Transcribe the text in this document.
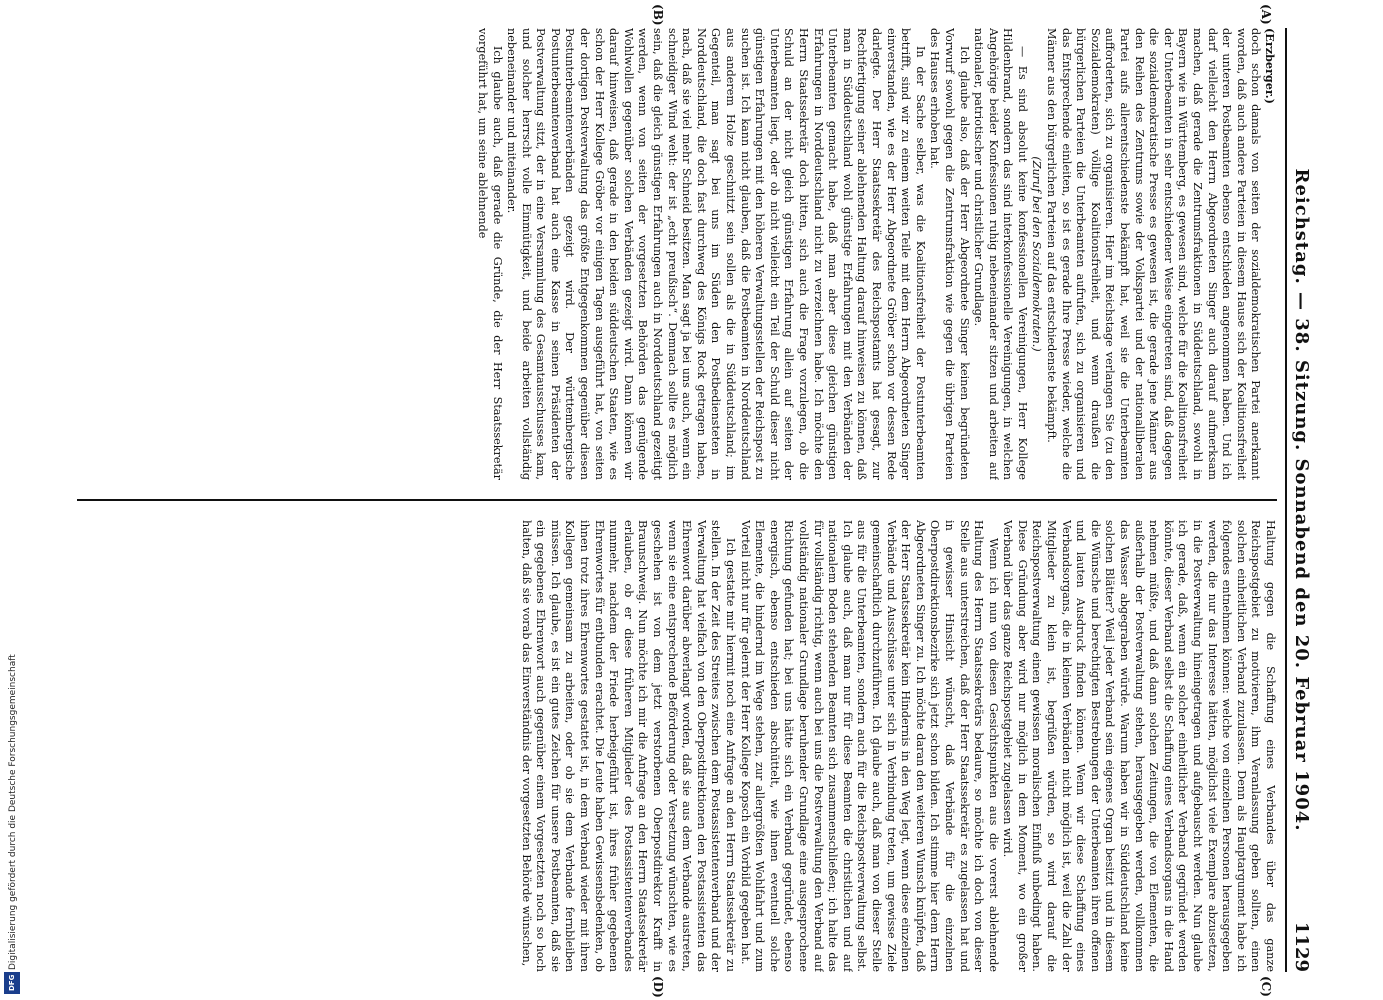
Reichstag. — 38. Sitzung. Sonnabend den 20. Februar 1904.
1129
(A)
(B)
(C)
(D)

(Erzberger.)

doch schon damals von seiten der sozialdemokratischen Partei anerkannt worden, daß auch andere Parteien in diesem Hause sich der Koalitionsfreiheit der unteren Postbeamten ebenso entschieden angenommen haben. Und ich darf vielleicht den Herrn Abgeordneten Singer auch darauf aufmerksam machen, daß gerade die Zentrumsfraktionen in Süddeutschland, sowohl in Bayern wie in Württemberg, es gewesen sind, welche für die Koalitionsfreiheit der Unterbeamten in sehr entschiedener Weise eingetreten sind, daß dagegen die sozialdemokratische Presse es gewesen ist, die gerade jene Männer aus den Reihen des Zentrums sowie der Volkspartei und der nationalliberalen Partei aufs allerentschiedenste bekämpft hat, weil sie die Unterbeamten aufforderten, sich zu organisieren. Hier im Reichstage verlangen Sie (zu den Sozialdemokraten) völlige Koalitionsfreiheit, und wenn draußen die bürgerlichen Parteien die Unterbeamten aufrufen, sich zu organisieren und das Entsprechende einleiten, so ist es gerade Ihre Presse wieder, welche die Männer aus den bürgerlichen Parteien auf das entschiedenste bekämpft.

(Zuruf bei den Sozialdemokraten.)

— Es sind absolut keine konfessionellen Vereinigungen, Herr Kollege Hildenbrand, sondern das sind interkonfessionelle Vereinigungen, in welchen Angehörige beider Konfessionen ruhig nebeneinander sitzen und arbeiten auf nationaler, patriotischer und christlicher Grundlage.

Ich glaube also, daß der Herr Abgeordnete Singer keinen begründeten Vorwurf sowohl gegen die Zentrumsfraktion wie gegen die übrigen Parteien des Hauses erhoben hat.

In der Sache selber, was die Koalitionsfreiheit der Postunterbeamten betrifft, sind wir zu einem weiten Teile mit dem Herrn Abgeordneten Singer einverstanden, wie es der Herr Abgeordnete Gröber schon vor dessen Rede darlegte. Der Herr Staatssekretär des Reichspostamts hat gesagt, zur Rechtfertigung seiner ablehnenden Haltung darauf hinweisen zu können, daß man in Süddeutschland wohl günstige Erfahrungen mit den Verbänden der Unterbeamten gemacht habe, daß man aber diese gleichen günstigen Erfahrungen in Norddeutschland nicht zu verzeichnen habe. Ich möchte den Herrn Staatssekretär doch bitten, sich auch die Frage vorzulegen, ob die Schuld an der nicht gleich günstigen Erfahrung allein auf seiten der Unterbeamten liegt, oder ob nicht vielleicht ein Teil der Schuld dieser nicht günstigen Erfahrungen mit den höheren Verwaltungsstellen der Reichspost zu suchen ist. Ich kann nicht glauben, daß die Postbeamten in Norddeutschland aus anderem Holze geschnitzt sein sollen als die in Süddeutschland; im Gegenteil, man sagt bei uns im Süden den Postbediensteten in Norddeutschland, die doch fast durchweg des Königs Rock getragen haben, nach, daß sie viel mehr Schneid besitzen. Man sagt ja bei uns auch, wenn ein schneidiger Wind weht: der ist „echt preußisch“. Demnach sollte es möglich sein, daß die gleich günstigen Erfahrungen auch in Norddeutschland gezeitigt werden, wenn von seiten der vorgesetzten Behörden das genügende Wohlwollen gegenüber solchen Verbänden gezeigt wird. Dann können wir darauf hinweisen, daß gerade in den beiden süddeutschen Staaten, wie es schon der Herr Kollege Gröber vor einigen Tagen ausgeführt hat, von seiten der dortigen Postverwaltung das größte Entgegenkommen gegenüber diesen Postunterbeamtenverbänden gezeigt wird. Der württembergische Postunterbeamtenverband hat auch eine Kasse in seinen Präsidenten der Postverwaltung sitzt, der in eine Versammlung des Gesamtausschusses kam, und solcher herrscht volle Einmütigkeit, und beide arbeiten vollständig nebeneinander und miteinander.

Ich glaube auch, daß gerade die Gründe, die der Herr Staatssekretär vorgeführt hat, um seine ablehnende

Haltung gegen die Schaffung eines Verbandes über das ganze Reichspostgebiet zu motivieren, ihm Veranlassung geben sollten, einen solchen einheitlichen Verband zuzulassen. Denn als Hauptargument habe ich folgendes entnehmen können: welche von einzelnen Personen herausgegeben werden, die nur das Interesse hätten, möglichst viele Exemplare abzusetzen, in die Postverwaltung hineingetragen und aufgebauscht werden. Nun glaube ich gerade, daß, wenn ein solcher einheitlicher Verband gegründet werden könnte, dieser Verband selbst die Schaffung eines Verbandsorgans in die Hand nehmen müßte, und daß dann solchen Zeitungen, die von Elementen, die außerhalb der Postverwaltung stehen, herausgegeben werden, vollkommen das Wasser abgegraben würde. Warum haben wir in Süddeutschland keine solchen Blätter? Weil jeder Verband sein eigenes Organ besitzt und in diesem die Wünsche und berechtigten Bestrebungen der Unterbeamten ihren offenen und lauten Ausdruck finden können. Wenn wir diese Schaffung eines Verbandsorgans, die in kleinen Verbänden nicht möglich ist, weil die Zahl der Mitglieder zu klein ist, begrüßen würden, so wird darauf die Reichspostverwaltung einen gewissen moralischen Einfluß unbedingt haben. Diese Gründung aber wird nur möglich in dem Moment, wo ein großer Verband über das ganze Reichspostgebiet zugelassen wird.

Wenn ich nun von diesen Gesichtspunkten aus die vorerst ablehnende Haltung des Herrn Staatssekretärs bedaure, so möchte ich doch von dieser Stelle aus unterstreichen, daß der Herr Staatssekretär es zugelassen hat und in gewisser Hinsicht wünscht, daß Verbände für die einzelnen Oberpostdirektionsbezirke sich jetzt schon bilden. Ich stimme hier dem Herrn Abgeordneten Singer zu. Ich möchte daran den weiteren Wunsch knüpfen, daß der Herr Staatssekretär kein Hindernis in den Weg legt, wenn diese einzelnen Verbände und Ausschüsse unter sich in Verbindung treten, um gewisse Ziele gemeinschaftlich durchzuführen. Ich glaube auch, daß man von dieser Stelle aus für die Unterbeamten, sondern auch für die Reichspostverwaltung selbst. Ich glaube auch, daß man nur für diese Beamten die christlichen und auf nationalem Boden stehenden Beamten sich zusammenschließen; ich halte das für vollständig richtig, wenn auch bei uns die Postverwaltung den Verband auf vollständig nationaler Grundlage beruhender Grundlage eine ausgesprochene Richtung gefunden hat; bei uns hätte sich ein Verband gegründet, ebenso energisch, ebenso entschieden abschüttelt, wie ihnen eventuell solche Elemente, die hindernd im Wege stehen, zur allergrößten Wohlfahrt und zum Vorteil nicht nur für gelernt der Herr Kollege Kopsch ein Vorbild gegeben hat.

Ich gestatte mir hiermit noch eine Anfrage an den Herrn Staatssekretär zu stellen. In der Zeit des Streites zwischen dem Postassistentenverband und der Verwaltung hat vielfach von den Oberpostdirektionen den Postassistenten das Ehrenwort darüber abverlangt worden, daß sie aus dem Verbande austreten, wenn sie eine entsprechende Beförderung oder Versetzung wünschten, wie es geschehen ist von dem jetzt verstorbenen Oberpostdirektor Krafft in Braunschweig. Nun möchte ich mir die Anfrage an den Herrn Staatssekretär erlauben, ob er diese früheren Mitglieder des Postassistentenverbandes nunmehr, nachdem der Friede herbeigeführt ist, ihres früher gegebenen Ehrenwortes für entbunden erachtet. Die Leute haben Gewissensbedenken, ob ihnen trotz ihres Ehrenwortes gestattet ist, in dem Verband wieder mit ihren Kollegen gemeinsam zu arbeiten, oder ob sie dem Verbande fernbleiben müssen. Ich glaube, es ist ein gutes Zeichen für unsere Postbeamten, daß sie ein gegebenes Ehrenwort auch gegenüber einem Vorgesetzten noch so hoch halten, daß sie vorab das Einverständnis der vorgesetzten Behörde wünschen,

Digitalisierung gefördert durch die Deutsche Forschungsgemeinschaft
DFG
